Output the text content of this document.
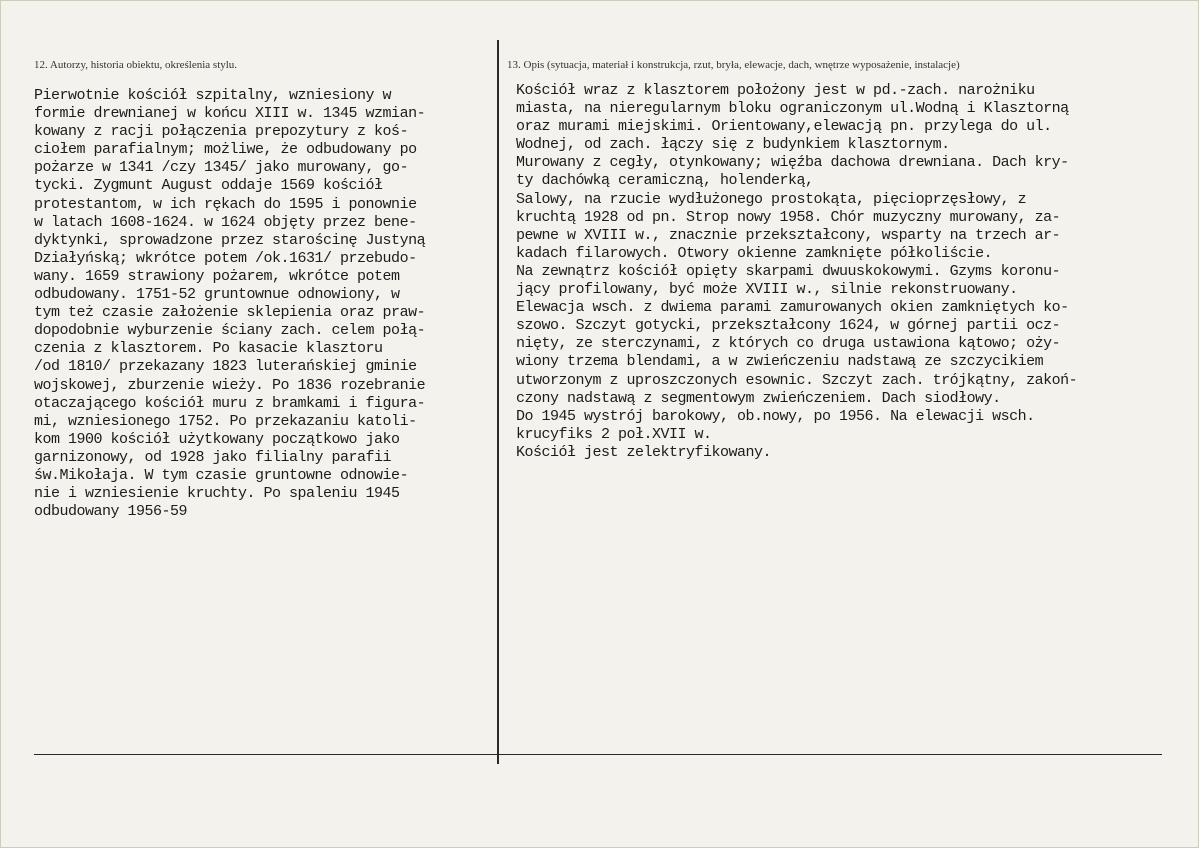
12. Autorzy, historia obiektu, określenia stylu.	13. Opis (sytuacja, materiał i konstrukcja, rzut, bryła, elewacje, dach, wnętrze wyposażenie, instalacje)
Pierwotnie kościół szpitalny, wzniesiony w
formie drewnianej w końcu XIII w. 1345 wzmian-
kowany z racji połączenia prepozytury z koś-
ciołem parafialnym; możliwe, że odbudowany po
pożarze w 1341 /czy 1345/ jako murowany, go-
tycki. Zygmunt August oddaje 1569 kościół
protestantom, w ich rękach do 1595 i ponownie
w latach 1608-1624. w 1624 objęty przez bene-
dyktynki, sprowadzone przez starościnę Justyną
Działyńską; wkrótce potem /ok.1631/ przebudo-
wany. 1659 strawiony pożarem, wkrótce potem
odbudowany. 1751-52 gruntownue odnowiony, w
tym też czasie założenie sklepienia oraz praw-
dopodobnie wyburzenie ściany zach. celem połą-
czenia z klasztorem. Po kasacie klasztoru
/od 1810/ przekazany 1823 luterańskiej gminie
wojskowej, zburzenie wieży. Po 1836 rozebranie
otaczającego kościół muru z bramkami i figura-
mi, wzniesionego 1752. Po przekazaniu katoli-
kom 1900 kościół użytkowany początkowo jako
garnizonowy, od 1928 jako filialny parafii
św.Mikołaja. W tym czasie gruntowne odnowie-
nie i wzniesienie kruchty. Po spaleniu 1945
odbudowany 1956-59
Kościół wraz z klasztorem położony jest w pd.-zach. narożniku
miasta, na nieregularnym bloku ograniczonym ul.Wodną i Klasztorną
oraz murami miejskimi. Orientowany,elewacją pn. przylega do ul.
Wodnej, od zach. łączy się z budynkiem klasztornym.
Murowany z cegły, otynkowany; więźba dachowa drewniana. Dach kry-
ty dachówką ceramiczną, holenderką,
Salowy, na rzucie wydłużonego prostokąta, pięcioprzęsłowy, z
kruchtą 1928 od pn. Strop nowy 1958. Chór muzyczny murowany, za-
pewne w XVIII w., znacznie przekształcony, wsparty na trzech ar-
kadach filarowych. Otwory okienne zamknięte półkoliście.
Na zewnątrz kościół opięty skarpami dwuuskokowymi. Gzyms koronu-
jący profilowany, być może XVIII w., silnie rekonstruowany.
Elewacja wsch. z dwiema parami zamurowanych okien zamkniętych ko-
szowo. Szczyt gotycki, przekształcony 1624, w górnej partii ocz-
nięty, ze sterczynami, z których co druga ustawiona kątowo; oży-
wiony trzema blendami, a w zwieńczeniu nadstawą ze szczycikiem
utworzonym z uproszczonych esownic. Szczyt zach. trójkątny, zakoń-
czony nadstawą z segmentowym zwieńczeniem. Dach siodłowy.
Do 1945 wystrój barokowy, ob.nowy, po 1956. Na elewacji wsch.
krucyfiks 2 poł.XVII w.
Kościół jest zelektryfikowany.
